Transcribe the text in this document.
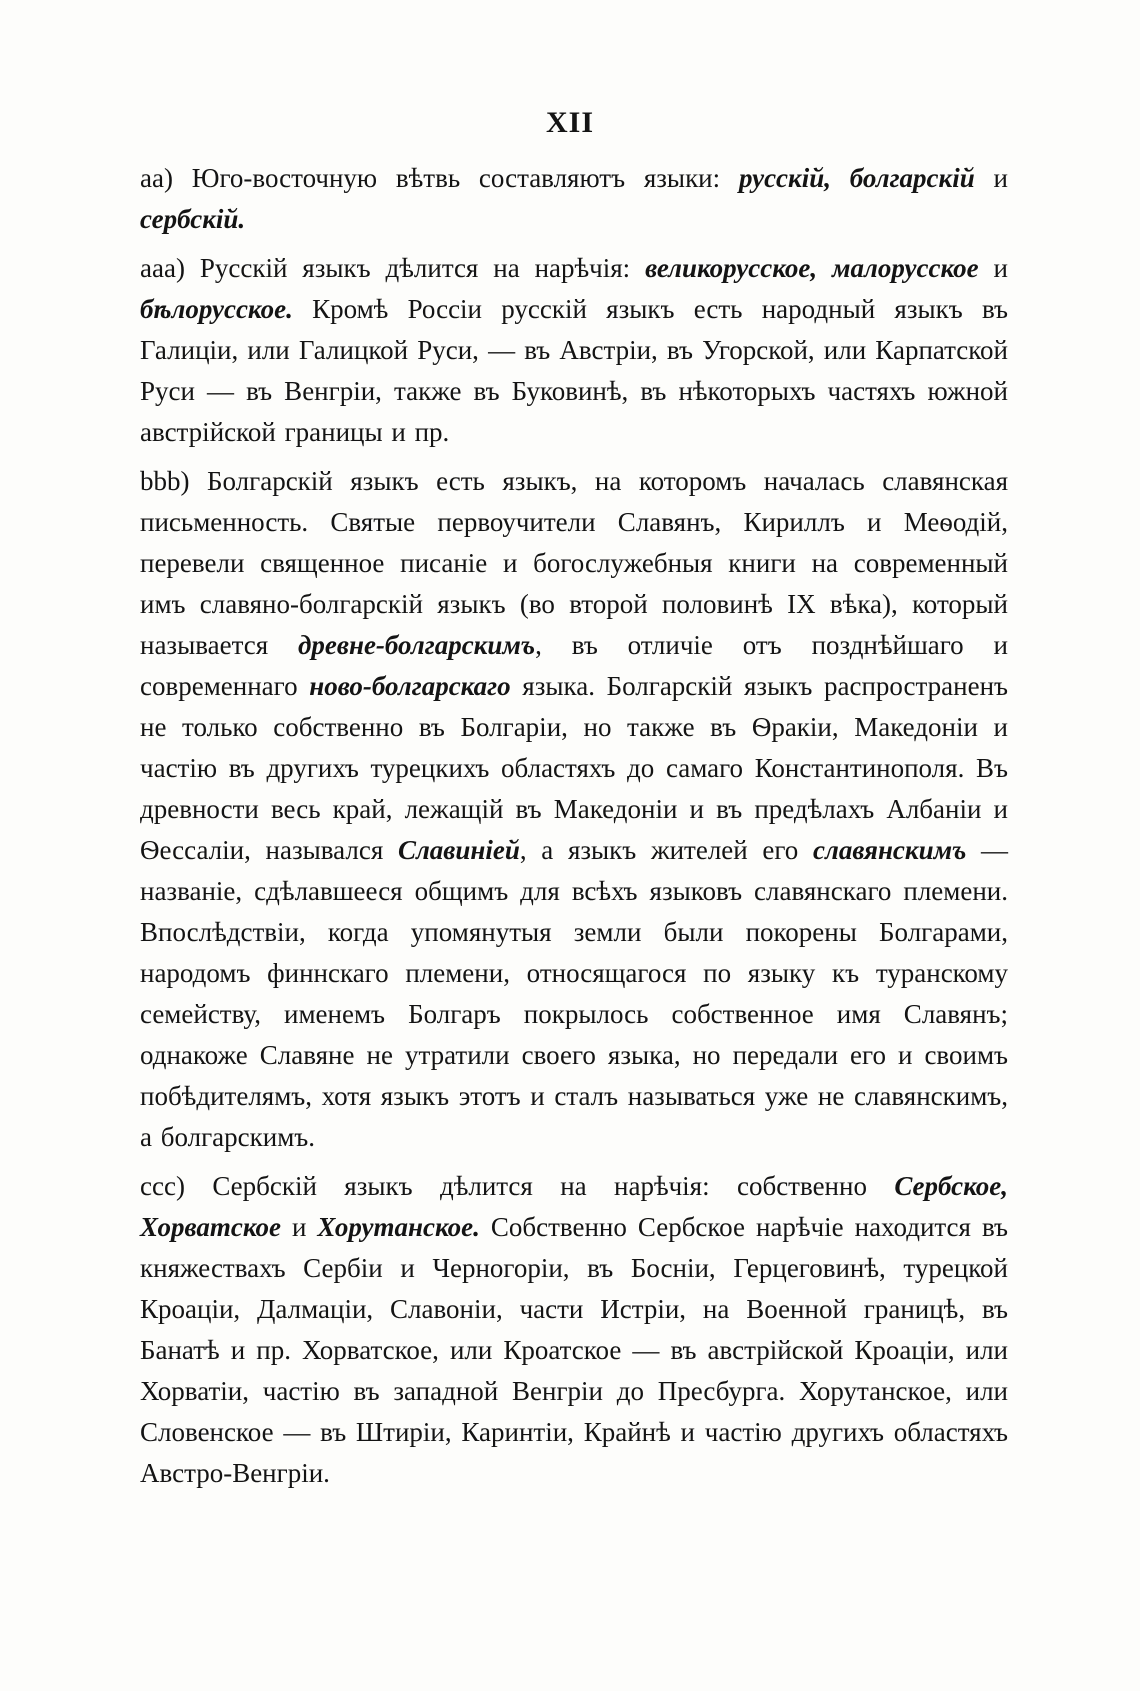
XII

аа) Юго-восточную вѣтвь составляютъ языки: русскій, болгарскій и сербскій.

ааа) Русскій языкъ дѣлится на нарѣчія: великорусское, малорусское и бѣлорусское. Кромѣ Россіи русскій языкъ есть народный языкъ въ Галиціи, или Галицкой Руси, — въ Австріи, въ Угорской, или Карпатской Руси — въ Венгріи, также въ Буковинѣ, въ нѣкоторыхъ частяхъ южной австрійской границы и пр.

bbb) Болгарскій языкъ есть языкъ, на которомъ началась славянская письменность. Святые первоучители Славянъ, Кириллъ и Меѳодій, перевели священное писаніе и богослужебныя книги на современный имъ славяно-болгарскій языкъ (во второй половинѣ IX вѣка), который называется древне-болгарскимъ, въ отличіе отъ позднѣйшаго и современнаго ново-болгарскаго языка. Болгарскій языкъ распространенъ не только собственно въ Болгаріи, но также въ Ѳракіи, Македоніи и частію въ другихъ турецкихъ областяхъ до самаго Константинополя. Въ древности весь край, лежащій въ Македоніи и въ предѣлахъ Албаніи и Ѳессаліи, назывался Славиніей, а языкъ жителей его славянскимъ — названіе, сдѣлавшееся общимъ для всѣхъ языковъ славянскаго племени. Впослѣдствіи, когда упомянутыя земли были покорены Болгарами, народомъ финнскаго племени, относящагося по языку къ туранскому семейству, именемъ Болгаръ покрылось собственное имя Славянъ; однакоже Славяне не утратили своего языка, но передали его и своимъ побѣдителямъ, хотя языкъ этотъ и сталъ называться уже не славянскимъ, а болгарскимъ.

ссс) Сербскій языкъ дѣлится на нарѣчія: собственно Сербское, Хорватское и Хорутанское. Собственно Сербское нарѣчіе находится въ княжествахъ Сербіи и Черногоріи, въ Босніи, Герцеговинѣ, турецкой Кроаціи, Далмаціи, Славоніи, части Истріи, на Военной границѣ, въ Банатѣ и пр. Хорватское, или Кроатское — въ австрійской Кроаціи, или Хорватіи, частію въ западной Венгріи до Пресбурга. Хорутанское, или Словенское — въ Штиріи, Каринтіи, Крайнѣ и частію другихъ областяхъ Австро-Венгріи.
